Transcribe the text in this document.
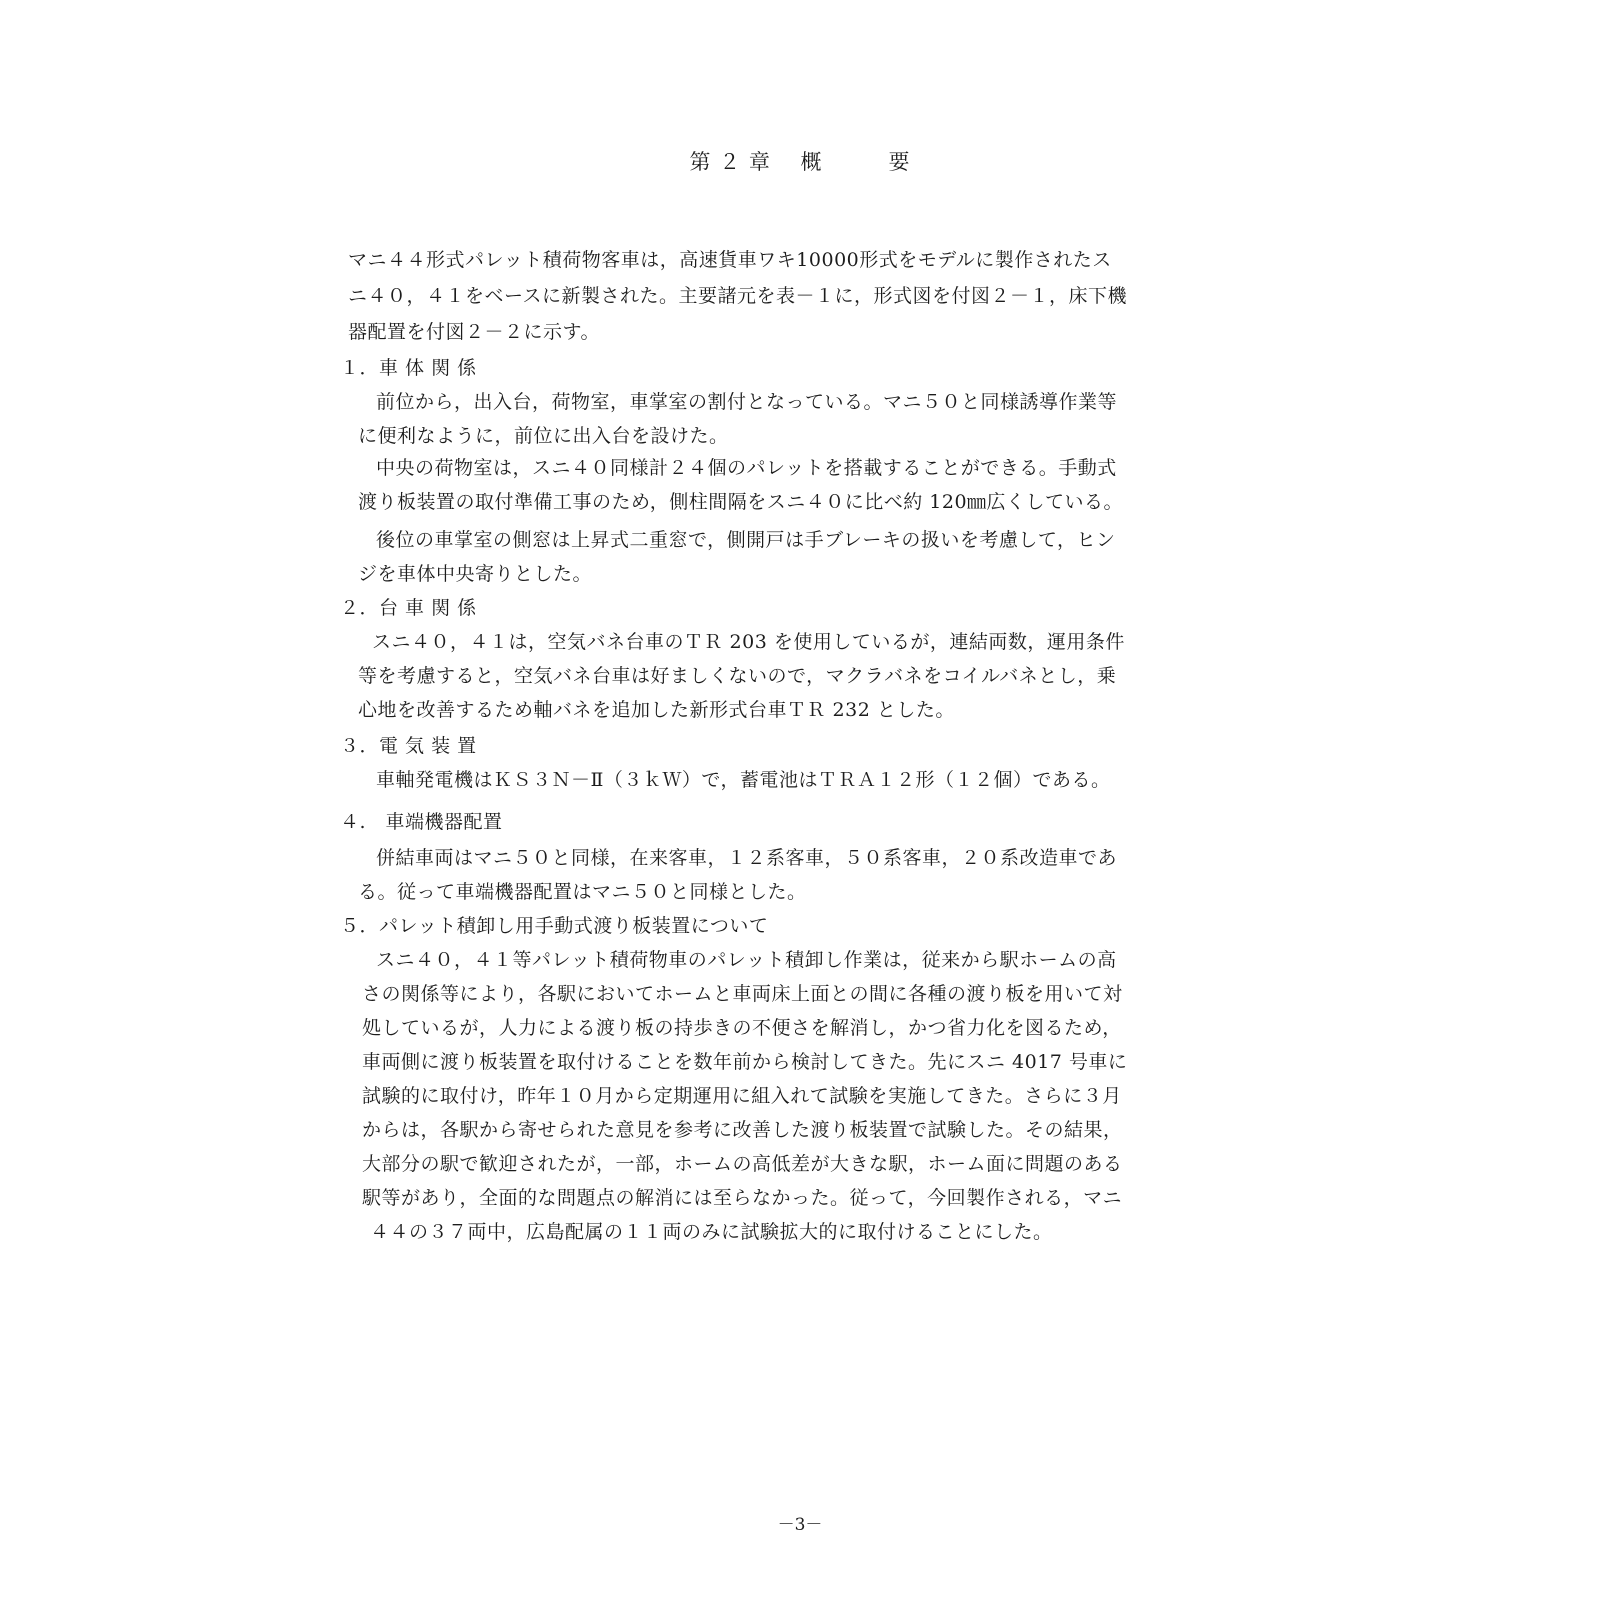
第 ２ 章　 概　　　要
マニ４４形式パレット積荷物客車は，高速貨車ワキ10000形式をモデルに製作されたス
ニ４０，４１をベースに新製された。主要諸元を表－１に，形式図を付図２－１，床下機
器配置を付図２－２に示す。
１．車 体 関 係
前位から，出入台，荷物室，車掌室の割付となっている。マニ５０と同様誘導作業等
に便利なように，前位に出入台を設けた。
中央の荷物室は，スニ４０同様計２４個のパレットを搭載することができる。手動式
渡り板装置の取付準備工事のため，側柱間隔をスニ４０に比べ約 120㎜広くしている。
後位の車掌室の側窓は上昇式二重窓で，側開戸は手ブレーキの扱いを考慮して，ヒン
ジを車体中央寄りとした。
２．台 車 関 係
スニ４０，４１は，空気バネ台車のＴＲ 203 を使用しているが，連結両数，運用条件
等を考慮すると，空気バネ台車は好ましくないので，マクラバネをコイルバネとし，乗
心地を改善するため軸バネを追加した新形式台車ＴＲ 232 とした。
３．電 気 装 置
車軸発電機はＫＳ３Ｎ－Ⅱ（３ｋＷ）で，蓄電池はＴＲＡ１２形（１２個）である。
４.　車端機器配置
併結車両はマニ５０と同様，在来客車，１２系客車，５０系客車，２０系改造車であ
る。従って車端機器配置はマニ５０と同様とした。
５．パレット積卸し用手動式渡り板装置について
スニ４０，４１等パレット積荷物車のパレット積卸し作業は，従来から駅ホームの高
さの関係等により，各駅においてホームと車両床上面との間に各種の渡り板を用いて対
処しているが，人力による渡り板の持歩きの不便さを解消し，かつ省力化を図るため，
車両側に渡り板装置を取付けることを数年前から検討してきた。先にスニ 4017 号車に
試験的に取付け，昨年１０月から定期運用に組入れて試験を実施してきた。さらに３月
からは，各駅から寄せられた意見を参考に改善した渡り板装置で試験した。その結果，
大部分の駅で歓迎されたが，一部，ホームの高低差が大きな駅，ホーム面に問題のある
駅等があり，全面的な問題点の解消には至らなかった。従って，今回製作される，マニ
４４の３７両中，広島配属の１１両のみに試験拡大的に取付けることにした。
－3－
